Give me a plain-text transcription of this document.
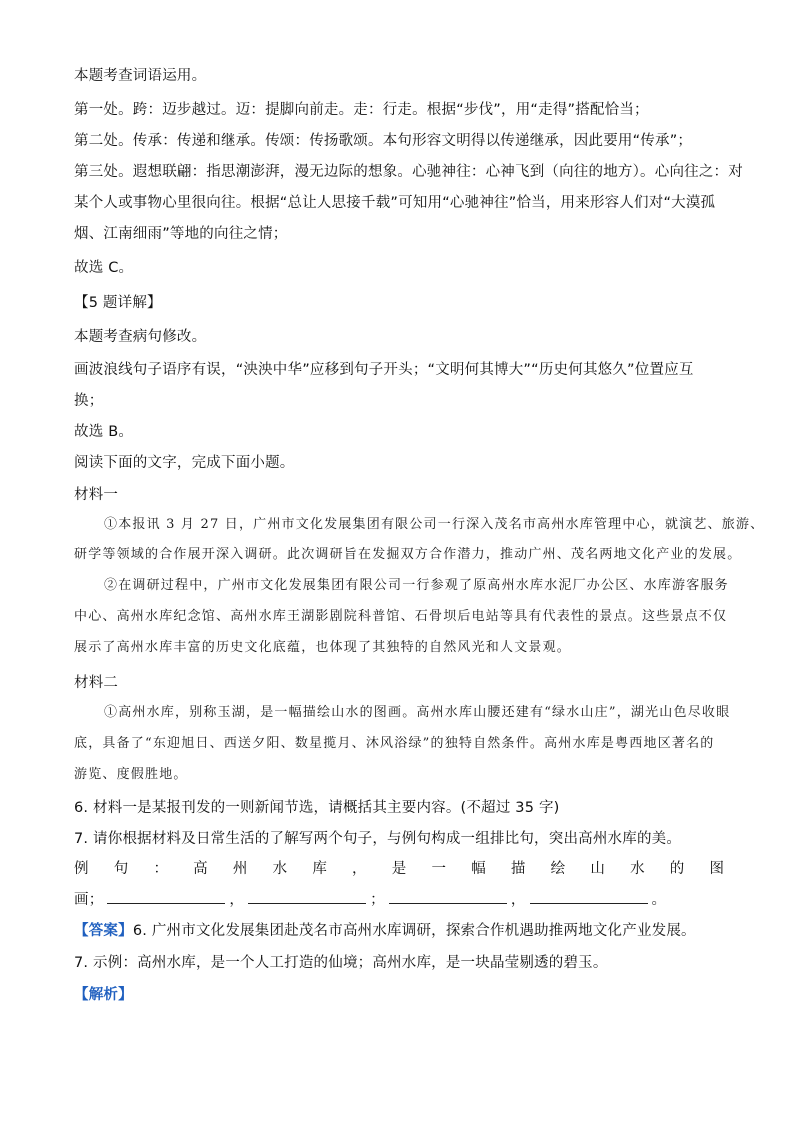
本题考查词语运用。
第一处。跨：迈步越过。迈：提脚向前走。走：行走。根据“步伐”，用“走得”搭配恰当；
第二处。传承：传递和继承。传颂：传扬歌颂。本句形容文明得以传递继承，因此要用“传承”；
第三处。遐想联翩：指思潮澎湃，漫无边际的想象。心驰神往：心神飞到（向往的地方）。心向往之：对
某个人或事物心里很向往。根据“总让人思接千载”可知用“心驰神往”恰当，用来形容人们对“大漠孤
烟、江南细雨”等地的向往之情；
故选 C。
【5 题详解】
本题考查病句修改。
画波浪线句子语序有误，“泱泱中华”应移到句子开头；“文明何其博大”“历史何其悠久”位置应互
换；
故选 B。
阅读下面的文字，完成下面小题。
材料一
①本报讯 3 月 27 日，广州市文化发展集团有限公司一行深入茂名市高州水库管理中心，就演艺、旅游、
研学等领域的合作展开深入调研。此次调研旨在发掘双方合作潜力，推动广州、茂名两地文化产业的发展。
②在调研过程中，广州市文化发展集团有限公司一行参观了原高州水库水泥厂办公区、水库游客服务
中心、高州水库纪念馆、高州水库王湖影剧院科普馆、石骨坝后电站等具有代表性的景点。这些景点不仅
展示了高州水库丰富的历史文化底蕴，也体现了其独特的自然风光和人文景观。
材料二
①高州水库，别称玉湖，是一幅描绘山水的图画。高州水库山腰还建有“绿水山庄”，湖光山色尽收眼
底，具备了“东迎旭日、西送夕阳、数星揽月、沐风浴绿”的独特自然条件。高州水库是粤西地区著名的
游览、度假胜地。
6. 材料一是某报刊发的一则新闻节选，请概括其主要内容。(不超过 35 字)
7. 请你根据材料及日常生活的了解写两个句子，与例句构成一组排比句，突出高州水库的美。
例 句 ： 高 州 水 库 ， 是 一 幅 描 绘 山 水 的 图
画；	，	；	，	。
【答案】6. 广州市文化发展集团赴茂名市高州水库调研，探索合作机遇助推两地文化产业发展。
7. 示例：高州水库，是一个人工打造的仙境；高州水库，是一块晶莹剔透的碧玉。
【解析】
